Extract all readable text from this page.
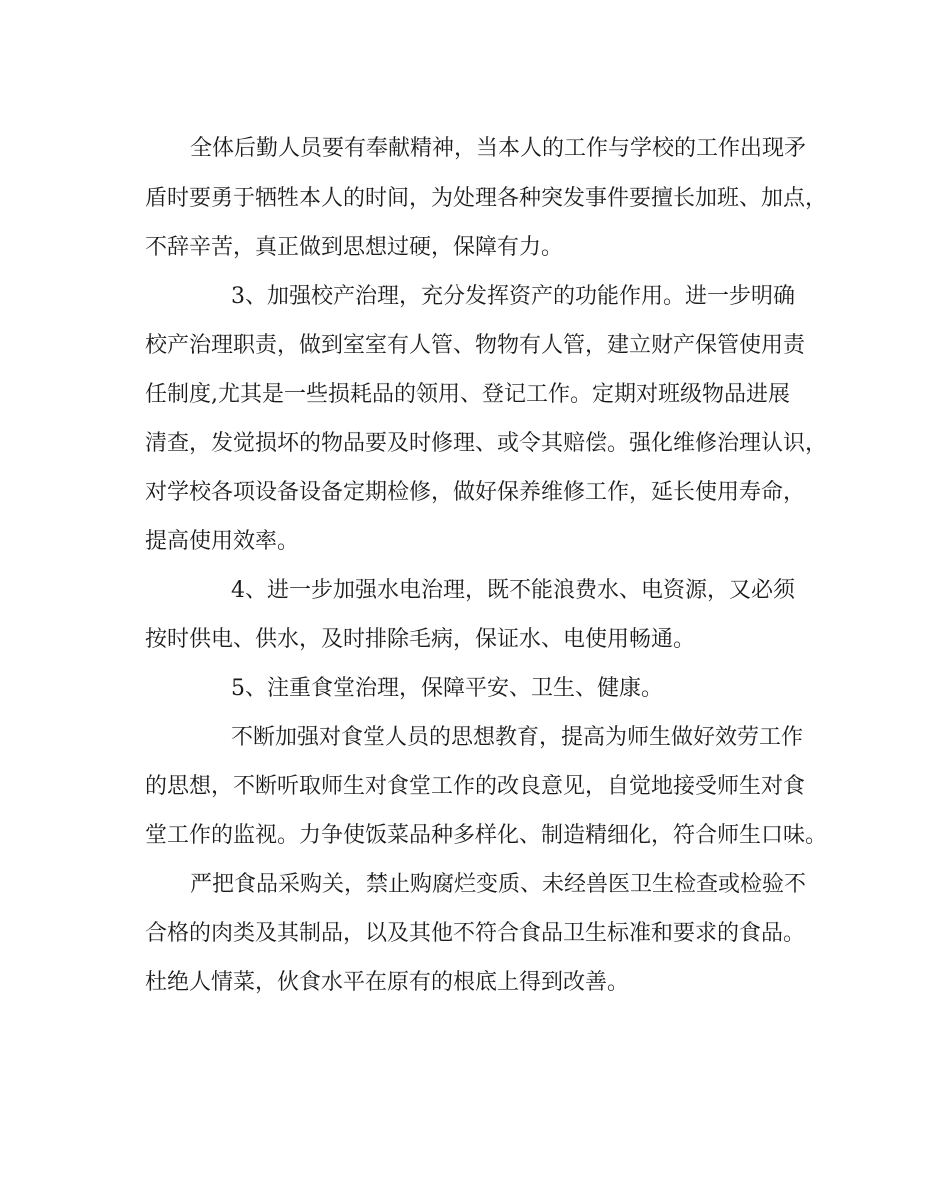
全体后勤人员要有奉献精神，当本人的工作与学校的工作出现矛
盾时要勇于牺牲本人的时间，为处理各种突发事件要擅长加班、加点，
不辞辛苦，真正做到思想过硬，保障有力。
3、加强校产治理，充分发挥资产的功能作用。进一步明确
校产治理职责，做到室室有人管、物物有人管，建立财产保管使用责
任制度,尤其是一些损耗品的领用、登记工作。定期对班级物品进展
清查，发觉损坏的物品要及时修理、或令其赔偿。强化维修治理认识，
对学校各项设备设备定期检修，做好保养维修工作，延长使用寿命，
提高使用效率。
4、进一步加强水电治理，既不能浪费水、电资源，又必须
按时供电、供水，及时排除毛病，保证水、电使用畅通。
5、注重食堂治理，保障平安、卫生、健康。
不断加强对食堂人员的思想教育，提高为师生做好效劳工作
的思想，不断听取师生对食堂工作的改良意见，自觉地接受师生对食
堂工作的监视。力争使饭菜品种多样化、制造精细化，符合师生口味。
严把食品采购关，禁止购腐烂变质、未经兽医卫生检查或检验不
合格的肉类及其制品，以及其他不符合食品卫生标准和要求的食品。
杜绝人情菜，伙食水平在原有的根底上得到改善。
